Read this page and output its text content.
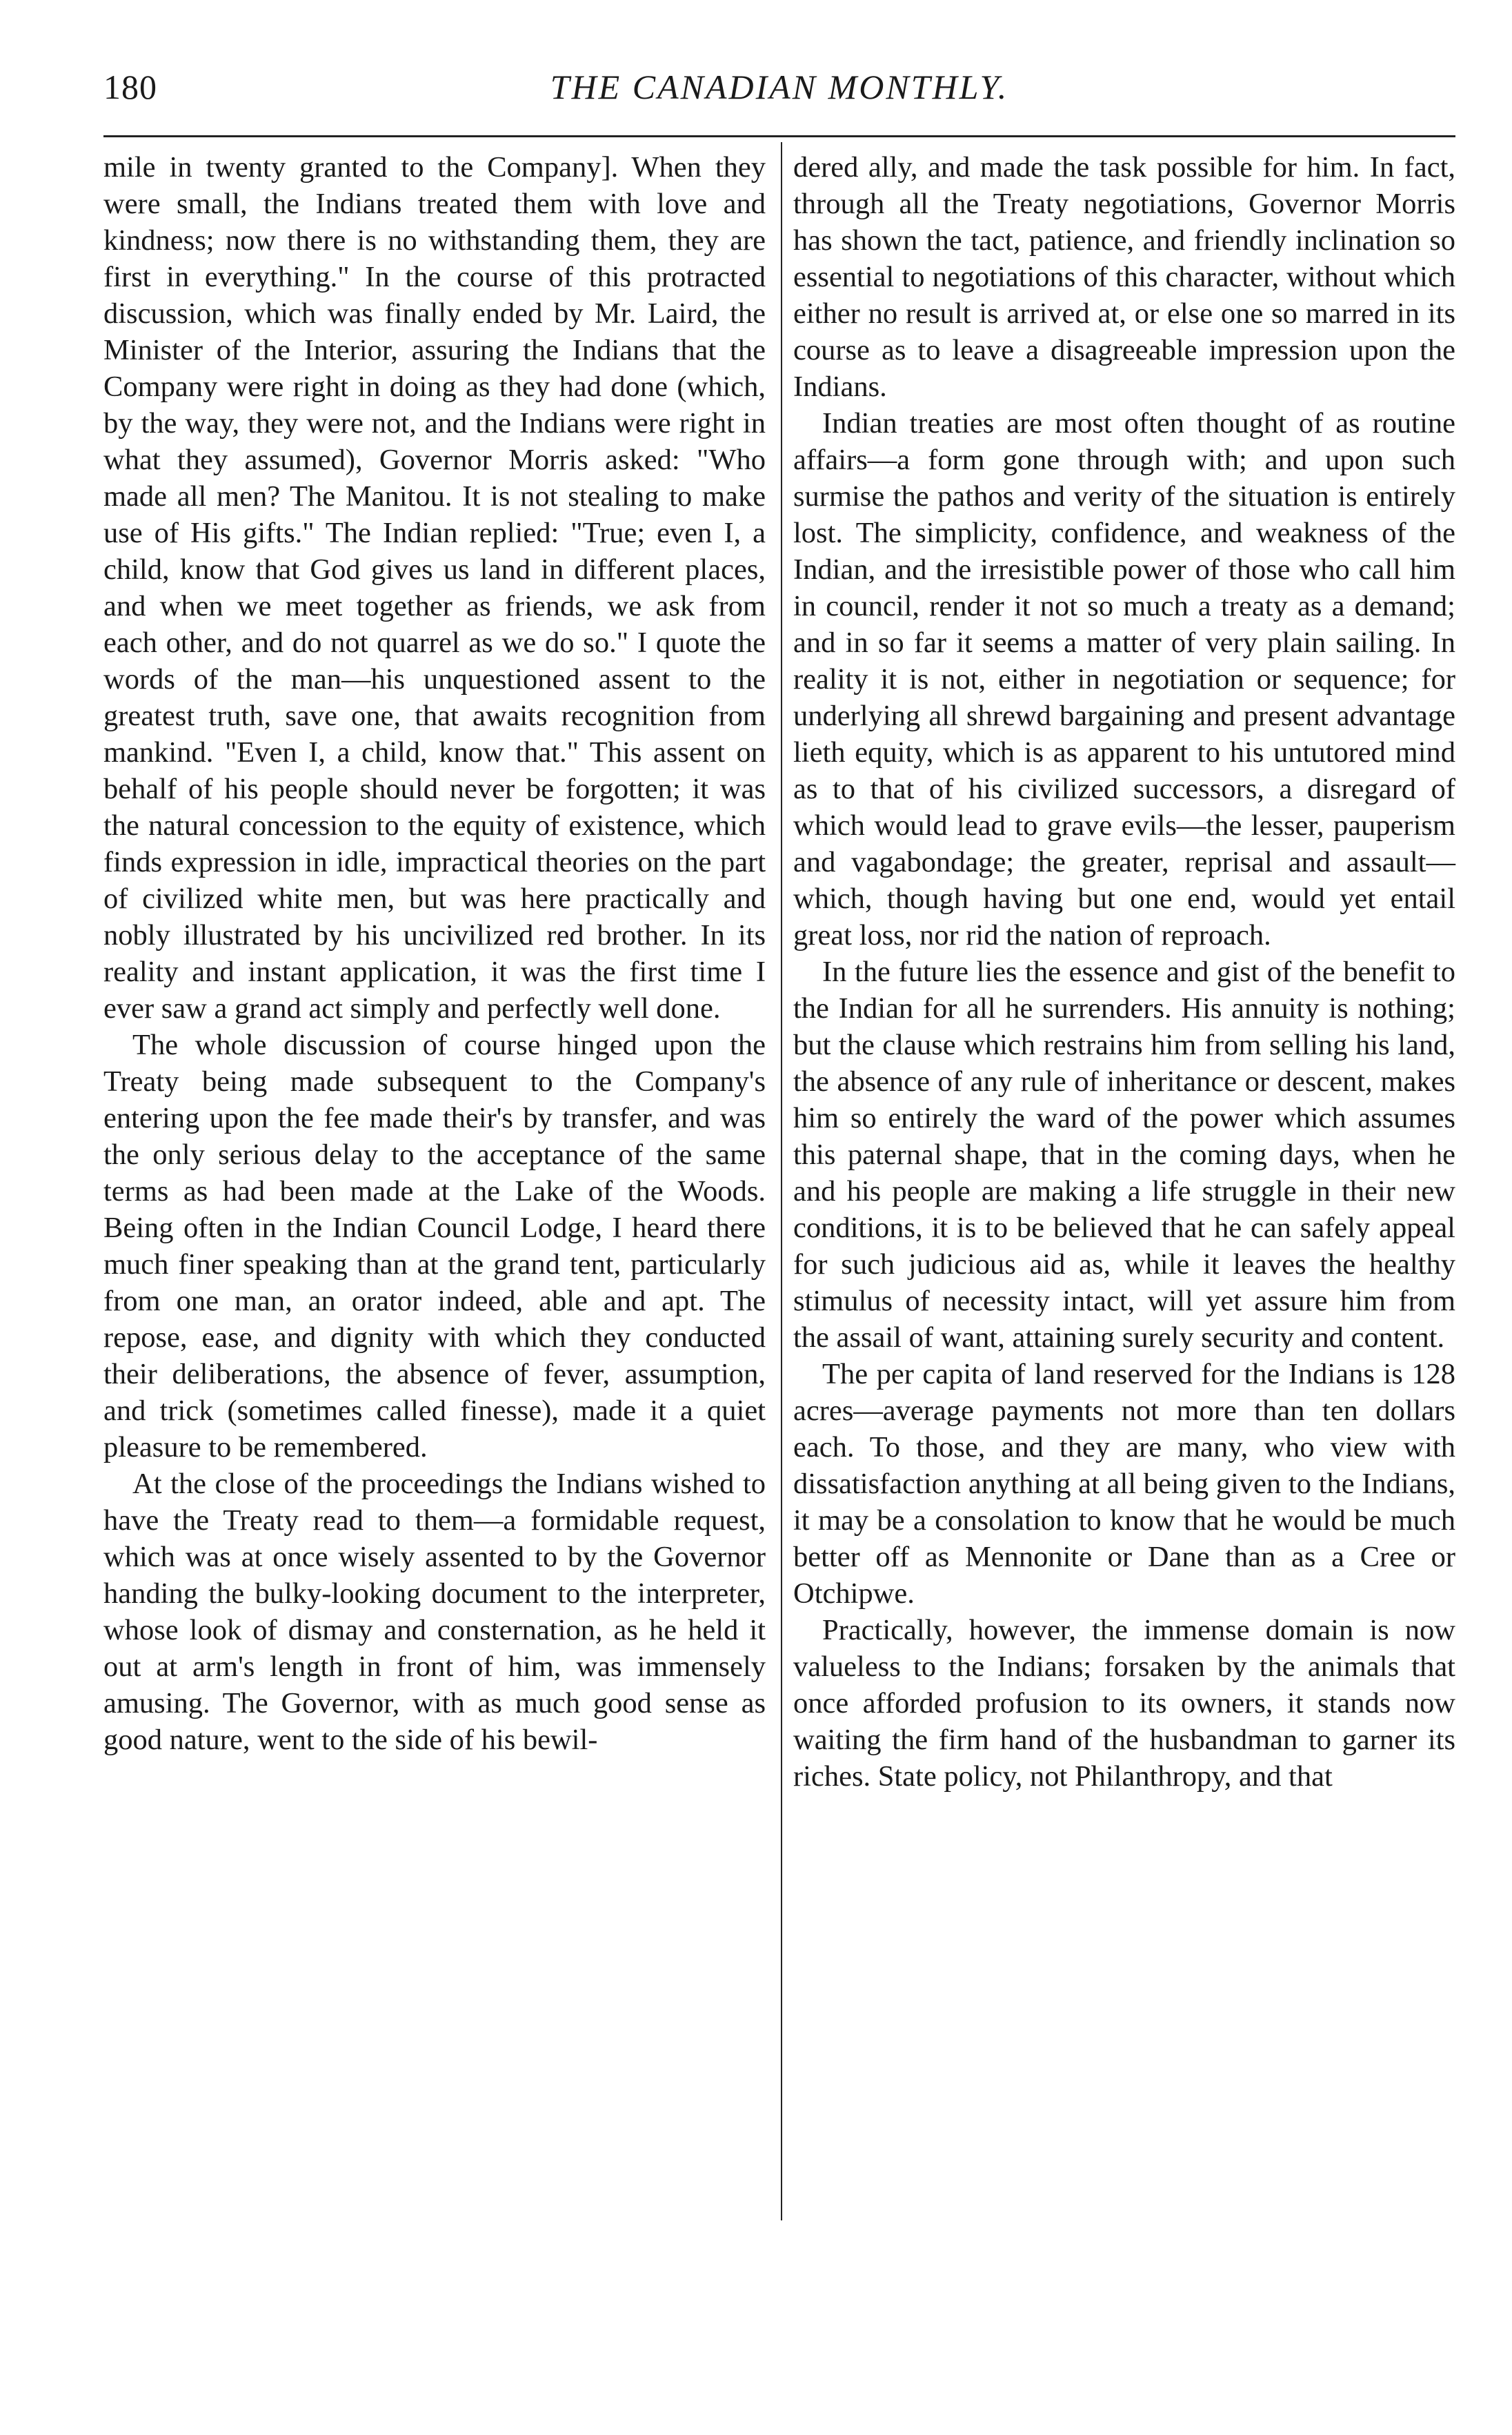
180	THE CANADIAN MONTHLY.

mile in twenty granted to the Company]. When they were small, the Indians treated them with love and kindness; now there is no withstanding them, they are first in everything." In the course of this protracted discussion, which was finally ended by Mr. Laird, the Minister of the Interior, assuring the Indians that the Company were right in doing as they had done (which, by the way, they were not, and the Indians were right in what they assumed), Governor Morris asked: "Who made all men? The Manitou. It is not stealing to make use of His gifts." The Indian replied: "True; even I, a child, know that God gives us land in different places, and when we meet together as friends, we ask from each other, and do not quarrel as we do so." I quote the words of the man—his unquestioned assent to the greatest truth, save one, that awaits recognition from mankind. "Even I, a child, know that." This assent on behalf of his people should never be forgotten; it was the natural concession to the equity of existence, which finds expression in idle, impractical theories on the part of civilized white men, but was here practically and nobly illustrated by his uncivilized red brother. In its reality and instant application, it was the first time I ever saw a grand act simply and perfectly well done.

The whole discussion of course hinged upon the Treaty being made subsequent to the Company's entering upon the fee made their's by transfer, and was the only serious delay to the acceptance of the same terms as had been made at the Lake of the Woods. Being often in the Indian Council Lodge, I heard there much finer speaking than at the grand tent, particularly from one man, an orator indeed, able and apt. The repose, ease, and dignity with which they conducted their deliberations, the absence of fever, assumption, and trick (sometimes called finesse), made it a quiet pleasure to be remembered.

At the close of the proceedings the Indians wished to have the Treaty read to them—a formidable request, which was at once wisely assented to by the Governor handing the bulky-looking document to the interpreter, whose look of dismay and consternation, as he held it out at arm's length in front of him, was immensely amusing. The Governor, with as much good sense as good nature, went to the side of his bewil-

dered ally, and made the task possible for him. In fact, through all the Treaty negotiations, Governor Morris has shown the tact, patience, and friendly inclination so essential to negotiations of this character, without which either no result is arrived at, or else one so marred in its course as to leave a disagreeable impression upon the Indians.

Indian treaties are most often thought of as routine affairs—a form gone through with; and upon such surmise the pathos and verity of the situation is entirely lost. The simplicity, confidence, and weakness of the Indian, and the irresistible power of those who call him in council, render it not so much a treaty as a demand; and in so far it seems a matter of very plain sailing. In reality it is not, either in negotiation or sequence; for underlying all shrewd bargaining and present advantage lieth equity, which is as apparent to his untutored mind as to that of his civilized successors, a disregard of which would lead to grave evils—the lesser, pauperism and vagabondage; the greater, reprisal and assault—which, though having but one end, would yet entail great loss, nor rid the nation of reproach.

In the future lies the essence and gist of the benefit to the Indian for all he surrenders. His annuity is nothing; but the clause which restrains him from selling his land, the absence of any rule of inheritance or descent, makes him so entirely the ward of the power which assumes this paternal shape, that in the coming days, when he and his people are making a life struggle in their new conditions, it is to be believed that he can safely appeal for such judicious aid as, while it leaves the healthy stimulus of necessity intact, will yet assure him from the assail of want, attaining surely security and content.

The per capita of land reserved for the Indians is 128 acres—average payments not more than ten dollars each. To those, and they are many, who view with dissatisfaction anything at all being given to the Indians, it may be a consolation to know that he would be much better off as Mennonite or Dane than as a Cree or Otchipwe.

Practically, however, the immense domain is now valueless to the Indians; forsaken by the animals that once afforded profusion to its owners, it stands now waiting the firm hand of the husbandman to garner its riches. State policy, not Philanthropy, and that
